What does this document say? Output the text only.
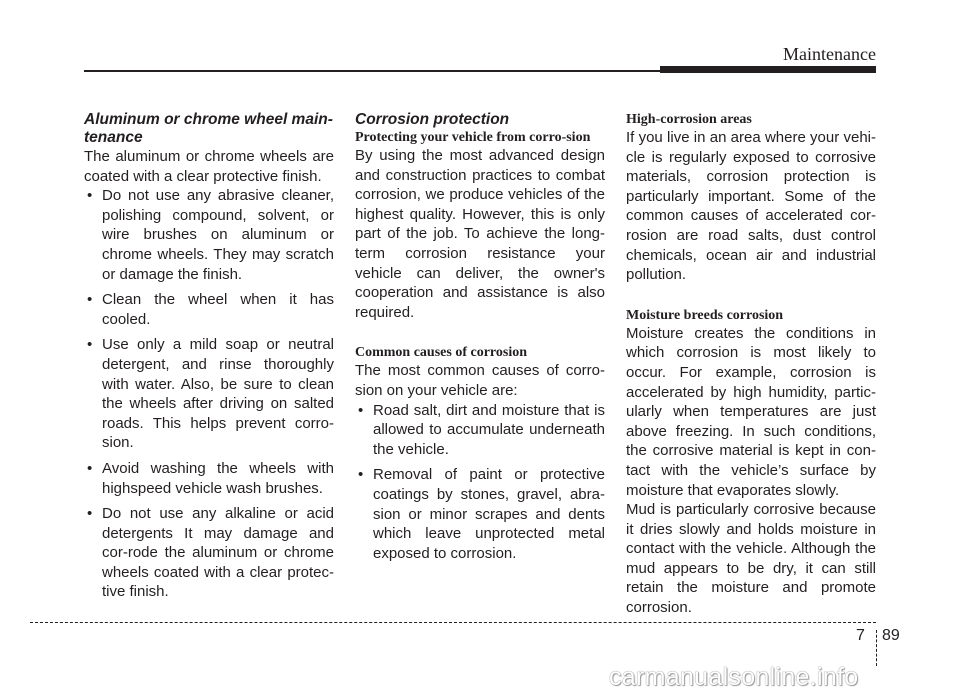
Maintenance

Aluminum or chrome wheel main-tenance

The aluminum or chrome wheels are coated with a clear protective finish.

• Do not use any abrasive cleaner, polishing compound, solvent, or wire brushes on aluminum or chrome wheels. They may scratch or damage the finish.
• Clean the wheel when it has cooled.
• Use only a mild soap or neutral detergent, and rinse thoroughly with water. Also, be sure to clean the wheels after driving on salted roads. This helps prevent corro-sion.
• Avoid washing the wheels with highspeed vehicle wash brushes.
• Do not use any alkaline or acid detergents It may damage and cor-rode the aluminum or chrome wheels coated with a clear protec-tive finish.

Corrosion protection

Protecting your vehicle from corro-sion

By using the most advanced design and construction practices to combat corrosion, we produce vehicles of the highest quality. However, this is only part of the job. To achieve the long-term corrosion resistance your vehicle can deliver, the owner's cooperation and assistance is also required.

Common causes of corrosion

The most common causes of corro-sion on your vehicle are:

• Road salt, dirt and moisture that is allowed to accumulate underneath the vehicle.
• Removal of paint or protective coatings by stones, gravel, abra-sion or minor scrapes and dents which leave unprotected metal exposed to corrosion.

High-corrosion areas

If you live in an area where your vehi-cle is regularly exposed to corrosive materials, corrosion protection is particularly important. Some of the common causes of accelerated cor-rosion are road salts, dust control chemicals, ocean air and industrial pollution.

Moisture breeds corrosion

Moisture creates the conditions in which corrosion is most likely to occur. For example, corrosion is accelerated by high humidity, partic-ularly when temperatures are just above freezing. In such conditions, the corrosive material is kept in con-tact with the vehicle’s surface by moisture that evaporates slowly.

Mud is particularly corrosive because it dries slowly and holds moisture in contact with the vehicle. Although the mud appears to be dry, it can still retain the moisture and promote corrosion.

7 89
carmanualsonline.info
